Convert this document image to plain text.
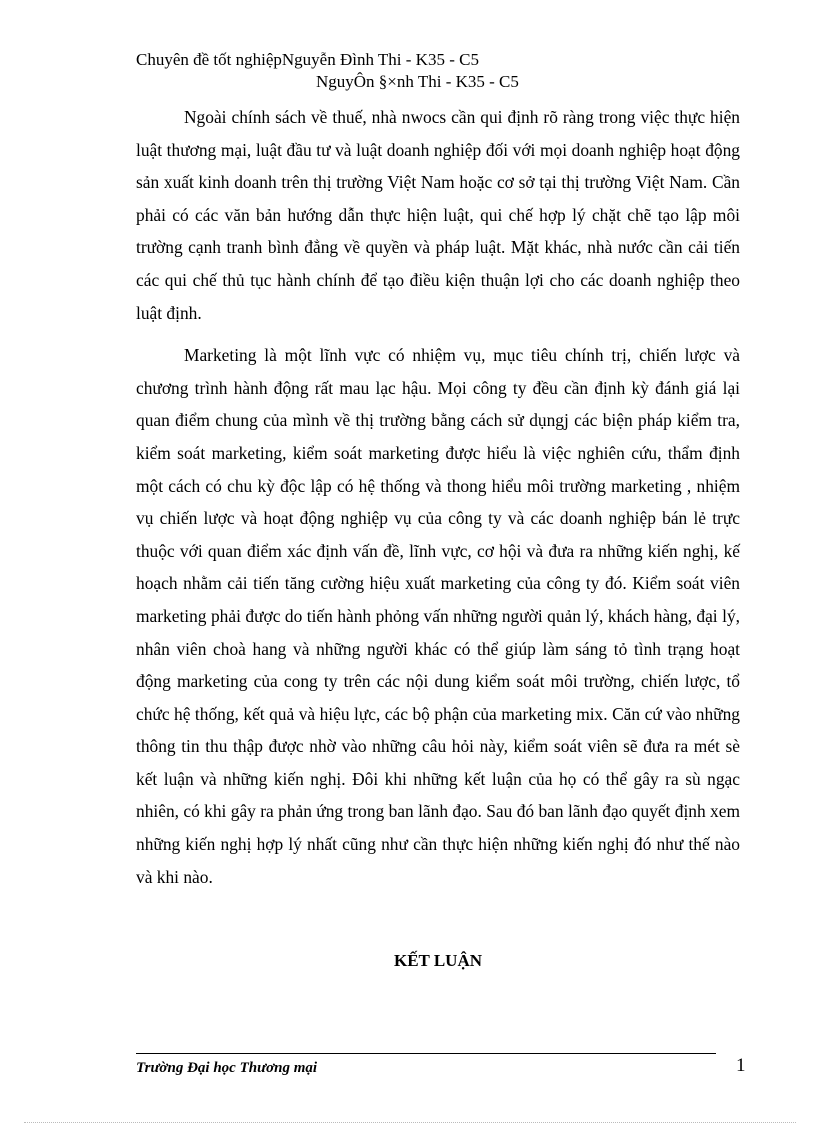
Chuyên đề tốt nghiệpNguyễn Đình Thi - K35 - C5
NguyÔn §×nh Thi - K35 - C5

Ngoài chính sách về thuế, nhà nwocs cần qui định rõ ràng trong việc thực hiện luật thương mại, luật đầu tư và luật doanh nghiệp đối với mọi doanh nghiệp hoạt động sản xuất kinh doanh trên thị trường Việt Nam hoặc cơ sở tại thị trường Việt Nam. Cần phải có các văn bản hướng dẫn thực hiện luật, qui chế hợp lý chặt chẽ tạo lập môi trường cạnh tranh bình đẳng về quyền và pháp luật. Mặt khác, nhà nước cần cải tiến các qui chế thủ tục hành chính để tạo điều kiện thuận lợi cho các doanh nghiệp theo luật định.

Marketing là một lĩnh vực có nhiệm vụ, mục tiêu chính trị, chiến lược và chương trình hành động rất mau lạc hậu. Mọi công ty đều cần định kỳ đánh giá lại quan điểm chung của mình về thị trường bằng cách sử dụngj các biện pháp kiểm tra, kiểm soát marketing, kiểm soát marketing được hiểu là việc nghiên cứu, thẩm định một cách có chu kỳ độc lập có hệ thống và thong hiểu môi trường marketing , nhiệm vụ chiến lược và hoạt động nghiệp vụ của công ty và các doanh nghiệp bán lẻ trực thuộc với quan điểm xác định vấn đề, lĩnh vực, cơ hội và đưa ra những kiến nghị, kế hoạch nhằm cải tiến tăng cường hiệu xuất marketing của công ty đó. Kiểm soát viên marketing phải được do tiến hành phỏng vấn những người quản lý, khách hàng, đại lý, nhân viên choà hang và những người khác có thể giúp làm sáng tỏ tình trạng hoạt động marketing của cong ty trên các nội dung kiểm soát môi trường, chiến lược, tổ chức hệ thống, kết quả và hiệu lực, các bộ phận của marketing mix. Căn cứ vào những thông tin thu thập được nhờ vào những câu hỏi này, kiểm soát viên sẽ đưa ra mét sè kết luận và những kiến nghị. Đôi khi những kết luận của họ có thể gây ra sù ngạc nhiên, có khi gây ra phản ứng trong ban lãnh đạo. Sau đó ban lãnh đạo quyết định xem những kiến nghị hợp lý nhất cũng như cần thực hiện những kiến nghị đó như thế nào và khi nào.

KẾT LUẬN
Trường Đại học Thương mại	1
